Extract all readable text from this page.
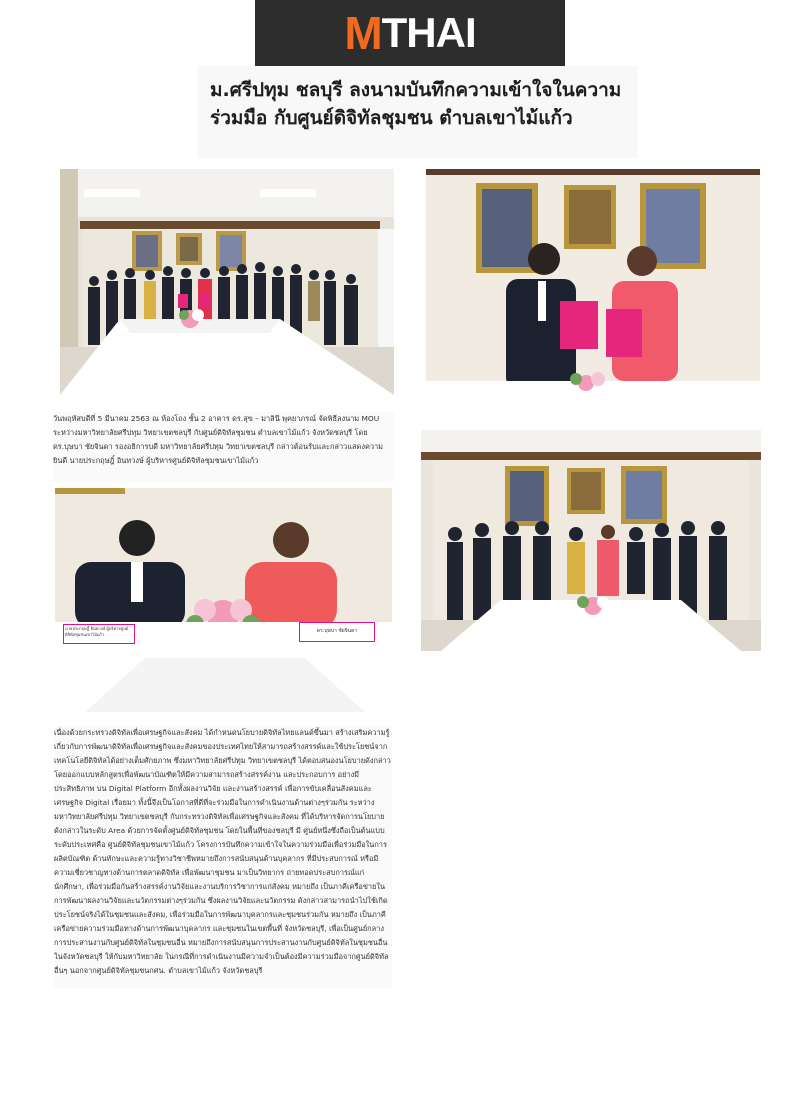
M THAI
ม.ศรีปทุม ชลบุรี ลงนามบันทึกความเข้าใจในความร่วมมือ กับศูนย์ดิจิทัลชุมชน ตำบลเขาไม้แก้ว

วันพฤหัสบดีที่ 5 มีนาคม 2563 ณ ห้องโถง ชั้น 2 อาคาร ดร.สุข – มาลินี พุคยาภรณ์ จัดพิธีลงนาม MOU ระหว่างมหาวิทยาลัยศรีปทุม วิทยาเขตชลบุรี กับศูนย์ดิจิทัลชุมชน ตำบลเขาไม้แก้ว จังหวัดชลบุรี โดย ดร.บุษบา ชัยจินดา รองอธิการบดี มหาวิทยาลัยศรีปทุม วิทยาเขตชลบุรี กล่าวต้อนรับและกล่าวแสดงความยินดี นายประกฤษฎิ์ อินทวงษ์ ผู้บริหารศูนย์ดิจิทัลชุมชนเขาไม้แก้ว

นายประกฤษฎิ์ อินทวงษ์ ผู้บริหารศูนย์ดิจิทัลชุมชนเขาไม้แก้ว
ดร.บุษบา ชัยจินดา

เนื่องด้วยกระทรวงดิจิทัลเพื่อเศรษฐกิจและสังคม ได้กำหนดนโยบายดิจิทัลไทยแลนด์ขึ้นมา สร้างเสริมความรู้เกี่ยวกับการพัฒนาดิจิทัลเพื่อเศรษฐกิจและสังคมของประเทศไทยให้สามารถสร้างสรรค์และใช้ประโยชน์จากเทคโนโลยีดิจิทัลได้อย่างเต็มศักยภาพ ซึ่งมหาวิทยาลัยศรีปทุม วิทยาเขตชลบุรี ได้ตอบสนองนโยบายดังกล่าว โดยออกแบบหลักสูตรเพื่อพัฒนาบัณฑิตให้มีความสามารถสร้างสรรค์งาน และประกอบการ อย่างมีประสิทธิภาพ บน Digital Platform อีกทั้งผลงานวิจัย และงานสร้างสรรค์ เพื่อการขับเคลื่อนสังคมและเศรษฐกิจ Digital เรื่อยมา ทั้งนี้จึงเป็นโอกาสที่ดีที่จะร่วมมือในการดำเนินงานด้านต่างๆร่วมกัน ระหว่างมหาวิทยาลัยศรีปทุม วิทยาเขตชลบุรี กับกระทรวงดิจิทัลเพื่อเศรษฐกิจและสังคม ที่ได้บริหารจัดการนโยบายดังกล่าวในระดับ Area ด้วยการจัดตั้งศูนย์ดิจิทัลชุมชน โดยในพื้นที่ของชลบุรี มี ศูนย์หนึ่งซึ่งถือเป็นต้นแบบระดับประเทศคือ ศูนย์ดิจิทัลชุมชนเขาไม้แก้ว โครงการบันทึกความเข้าใจในความร่วมมือเพื่อร่วมมือในการผลิตบัณฑิต ด้านทักษะและความรู้ทางวิชาชีพหมายถึงการสนับสนุนด้านบุคลากร ที่มีประสบการณ์ หรือมีความเชี่ยวชาญทางด้านการตลาดดิจิทัล เพื่อพัฒนาชุมชน มาเป็นวิทยากร ถ่ายทอดประสบการณ์แก่นักศึกษา, เพื่อร่วมมือกันสร้างสรรค์งานวิจัยและงานบริการวิชาการแก่สังคม หมายถึง เป็นภาคีเครือข่ายในการพัฒนาผลงานวิจัยและนวัตกรรมต่างๆร่วมกัน ซึ่งผลงานวิจัยและนวัตกรรม ดังกล่าวสามารถนำไปใช้เกิดประโยชน์จริงได้ในชุมชนและสังคม, เพื่อร่วมมือในการพัฒนาบุคลากรและชุมชนร่วมกัน หมายถึง เป็นภาคีเครือข่ายความร่วมมือทางด้านการพัฒนาบุคลากร และชุมชนในเขตพื้นที่ จังหวัดชลบุรี, เพื่อเป็นศูนย์กลางการประสานงานกับศูนย์ดิจิทัลในชุมชนอื่น หมายถึงการสนับสนุนการประสานงานกับศูนย์ดิจิทัลในชุมชนอื่นในจังหวัดชลบุรี ให้กับมหาวิทยาลัย ในกรณีที่การดำเนินงานมีความจำเป็นต้องมีความร่วมมือจากศูนย์ดิจิทัลอื่นๆ นอกจากศูนย์ดิจิทัลชุมชนกศน. ตำบลเขาไม้แก้ว จังหวัดชลบุรี
